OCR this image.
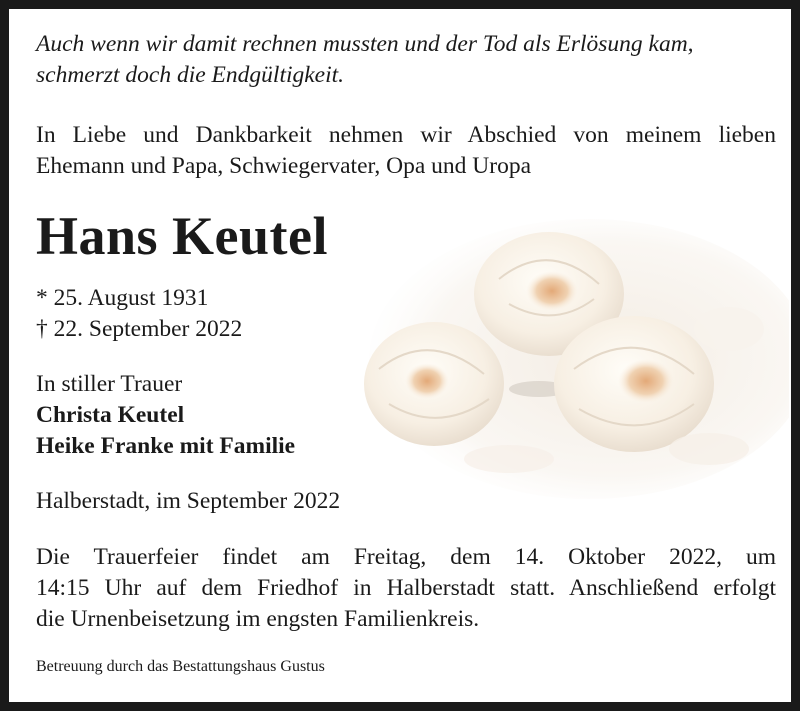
Auch wenn wir damit rechnen mussten und der Tod als Erlösung kam,
schmerzt doch die Endgültigkeit.
In Liebe und Dankbarkeit nehmen wir Abschied von meinem lieben
Ehemann und Papa, Schwiegervater, Opa und Uropa
Hans Keutel
* 25. August 1931
† 22. September 2022
In stiller Trauer
Christa Keutel
Heike Franke mit Familie
Halberstadt, im September 2022
Die Trauerfeier findet am Freitag, dem 14. Oktober 2022, um
14:15 Uhr auf dem Friedhof in Halberstadt statt. Anschließend erfolgt
die Urnenbeisetzung im engsten Familienkreis.
Betreuung durch das Bestattungshaus Gustus
